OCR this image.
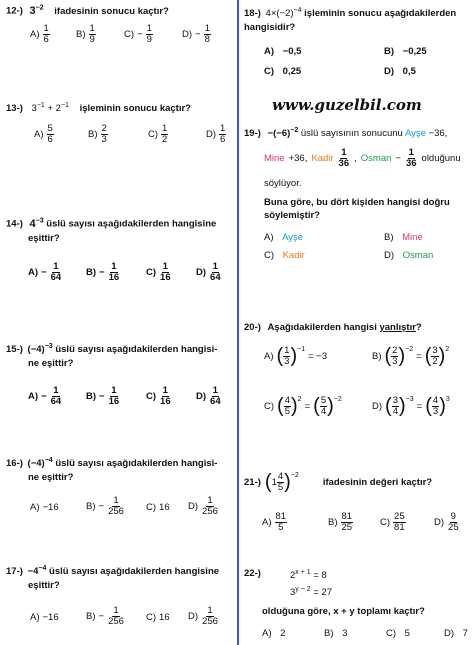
12-) $3^{-2}$ ifadesinin sonucu kaçtır?
$A) \frac{1}{6}$	$B) \frac{1}{9}$	$C) - \frac{1}{9}$	$D) - \frac{1}{8}$
13-) $3^{-1} + 2^{-1}$ işleminin sonucu kaçtır?
$A) \frac{5}{6}$	$B) \frac{2}{3}$	$C) \frac{1}{2}$	$D) \frac{1}{6}$
14-) $4^{-3}$ üslü sayısı aşağıdakilerden hangisine
eşittir?
$A) - \frac{1}{64}$	$B) - \frac{1}{16}$	$C) \frac{1}{16}$	$D) \frac{1}{64}$
15-) $(-4)^{-3}$ üslü sayısı aşağıdakilerden hangisi-
ne eşittir?
$A) - \frac{1}{64}$	$B) - \frac{1}{16}$	$C) \frac{1}{16}$	$D) \frac{1}{64}$
16-) $(-4)^{-4}$ üslü sayısı aşağıdakilerden hangisi-
ne eşittir?
A) −16	$B) - \frac{1}{256} C$) 16 $D) \frac{1}{256}$
$17-) -4^{-4}$ üslü sayısı aşağıdakilerden hangisine
eşittir?
A) −16	$B) - \frac{1}{256} C$) 16 $D) \frac{1}{256}$
18-) $4\times(-2)^{-4}$ işleminin sonucu aşağıdakilerden
hangisidir?
A)
−0,5	B)
−0,25
C)
0,25	D)
0,5
www.guzelbil.com
$19-) -(-6)^{-2}$ üslü sayısının sonucunu Ayşe −36,
Mine +36, Kadir $\frac{1}{36}$ , Osman − $\frac{1}{36}$ olduğunu
söylüyor.
Buna göre, bu dört kişiden hangisi doğru
söylemiştir?
A)
Ayşe	B)
Mine
C)
Kadir	D)
Osman
20-) Aşağıdakilerden hangisi yanlıştır?
A) ( $\frac{1}{3} )^{-1}$
= −3	B) ( $\frac{2}{3} )^{-2}$
= ( $\frac{3}{2} )^2$
C) ( $\frac{4}{5} )^2$
= ( $\frac{5}{4} )^{-2}$
D) ( $\frac{3}{4} )^{-3}$
= ( $\frac{4}{3} )^3$
21-) ( $1 \frac{4}{5} )^{-2}$
ifadesinin değeri kaçtır?
$A) \frac{81}{5}$	$B) \frac{81}{25}$	$C) \frac{25}{81}$	$D) \frac{9}{25}$
22-)	$2^{x + 1} = 8$
$3^{y - 2} = 27$
olduğuna göre, x + y toplamı kaçtır?
A)
2	B)
3	C)
5	D)
7
